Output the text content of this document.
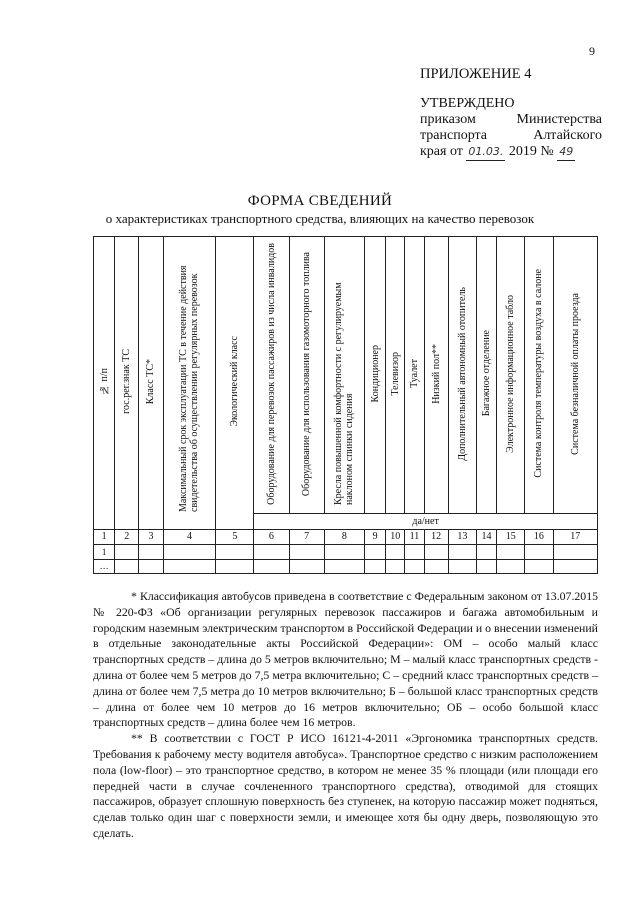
9
ПРИЛОЖЕНИЕ 4
УТВЕРЖДЕНО
приказом	Министерства
транспорта	Алтайского
края от 01.03. 2019 № 49
ФОРМА СВЕДЕНИЙ
о характеристиках транспортного средства, влияющих на качество перевозок
№ п/п	гос.рег.знак ТС	Класс ТС*	Максимальный срок эксплуатации ТС в течение действия свидетельства об осуществлении регулярных перевозок	Экологический класс	Оборудование для перевозок пассажиров из числа инвалидов	Оборудование для использования газомоторного топлива	Кресла повышенной комфортности с регулируемым наклоном спинки сидения	Кондиционер	Телевизор	Туалет	Низкий пол**	Дополнительный автономный отопитель	Багажное отделение	Электронное информационное табло	Система контроля температуры воздуха в салоне	Система безналичной оплаты проезда
					да/нет											
1	2	3	4	5	6	7	8	9	10	11	12	13	14	15	16	17
1																
…																

* Классификация автобусов приведена в соответствие с Федеральным законом от 13.07.2015 № 220-ФЗ «Об организации регулярных перевозок пассажиров и багажа автомобильным и городским наземным электрическим транспортом в Российской Федерации и о внесении изменений в отдельные законодательные акты Российской Федерации»: ОМ – особо малый класс транспортных средств – длина до 5 метров включительно; М – малый класс транспортных средств - длина от более чем 5 метров до 7,5 метра включительно; С – средний класс транспортных средств – длина от более чем 7,5 метра до 10 метров включительно; Б – большой класс транспортных средств – длина от более чем 10 метров до 16 метров включительно; ОБ – особо большой класс транспортных средств – длина более чем 16 метров.

** В соответствии с ГОСТ Р ИСО 16121-4-2011 «Эргономика транспортных средств. Требования к рабочему месту водителя автобуса». Транспортное средство с низким расположением пола (low-floor) – это транспортное средство, в котором не менее 35 % площади (или площади его передней части в случае сочлененного транспортного средства), отводимой для стоящих пассажиров, образует сплошную поверхность без ступенек, на которую пассажир может подняться, сделав только один шаг с поверхности земли, и имеющее хотя бы одну дверь, позволяющую это сделать.
